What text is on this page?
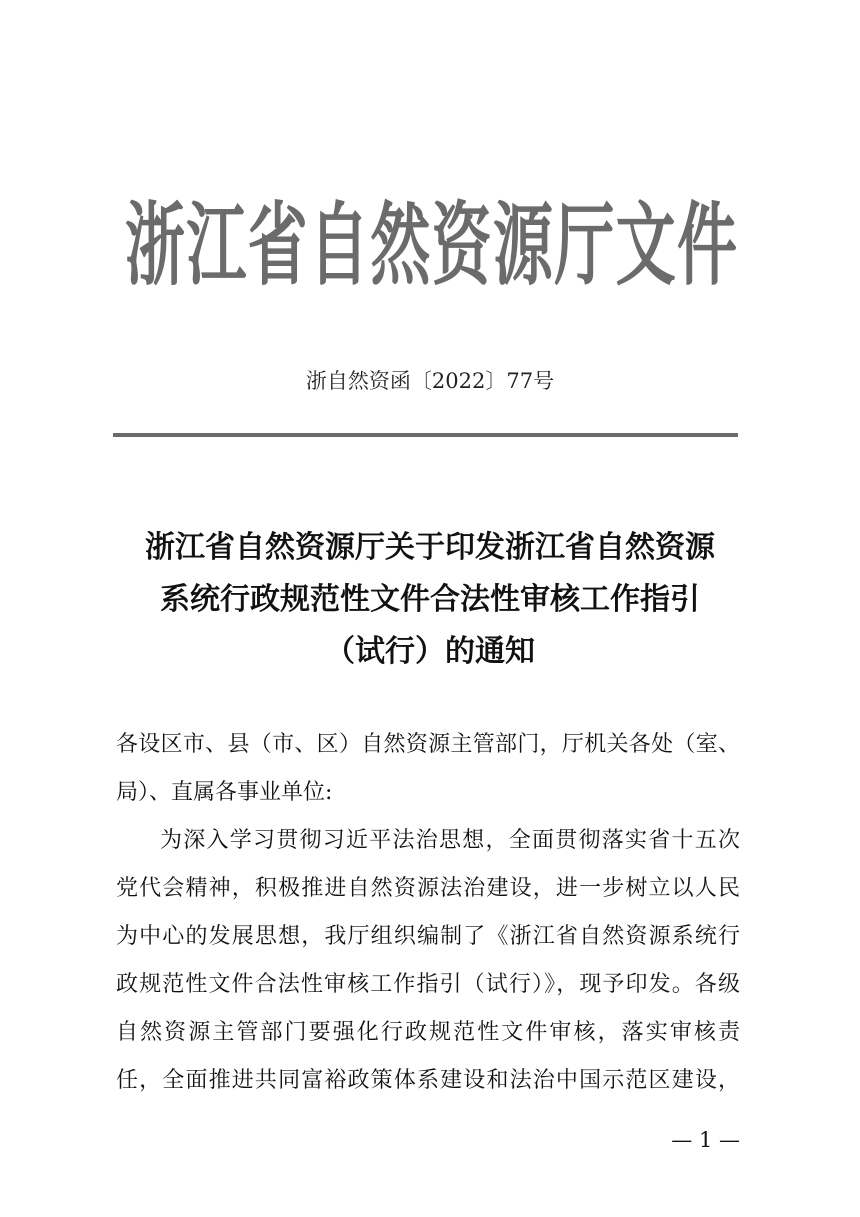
浙江省自然资源厅文件
浙自然资函〔2022〕77号
浙江省自然资源厅关于印发浙江省自然资源
系统行政规范性文件合法性审核工作指引
（试行）的通知
各设区市、县（市、区）自然资源主管部门，厅机关各处（室、
局）、直属各事业单位:
为深入学习贯彻习近平法治思想，全面贯彻落实省十五次
党代会精神，积极推进自然资源法治建设，进一步树立以人民
为中心的发展思想，我厅组织编制了《浙江省自然资源系统行
政规范性文件合法性审核工作指引（试行）》，现予印发。各级
自然资源主管部门要强化行政规范性文件审核，落实审核责
任，全面推进共同富裕政策体系建设和法治中国示范区建设，
— 1 —
